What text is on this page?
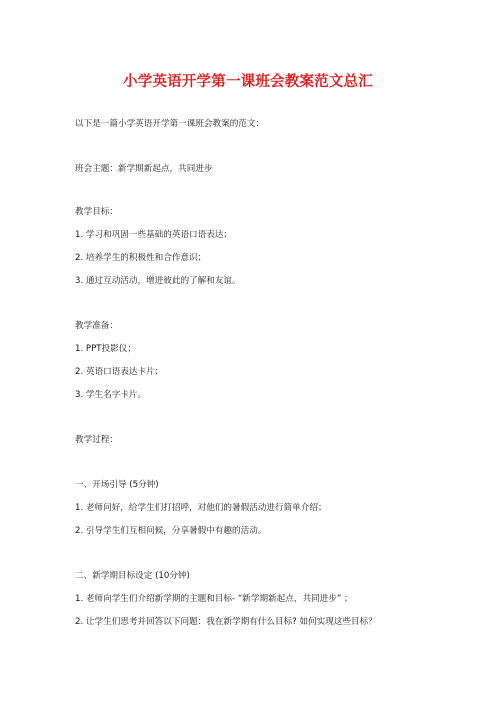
小学英语开学第一课班会教案范文总汇
以下是一篇小学英语开学第一课班会教案的范文：
班会主题：新学期新起点，共同进步
教学目标：
1. 学习和巩固一些基础的英语口语表达；
2. 培养学生的积极性和合作意识；
3. 通过互动活动，增进彼此的了解和友谊。
教学准备：
1. PPT投影仪；
2. 英语口语表达卡片；
3. 学生名字卡片。
教学过程：
一、开场引导 (5分钟)
1. 老师问好，给学生们打招呼，对他们的暑假活动进行简单介绍；
2. 引导学生们互相问候，分享暑假中有趣的活动。
二、新学期目标设定 (10分钟)
1. 老师向学生们介绍新学期的主题和目标- “新学期新起点，共同进步” ；
2. 让学生们思考并回答以下问题：我在新学期有什么目标? 如何实现这些目标？
